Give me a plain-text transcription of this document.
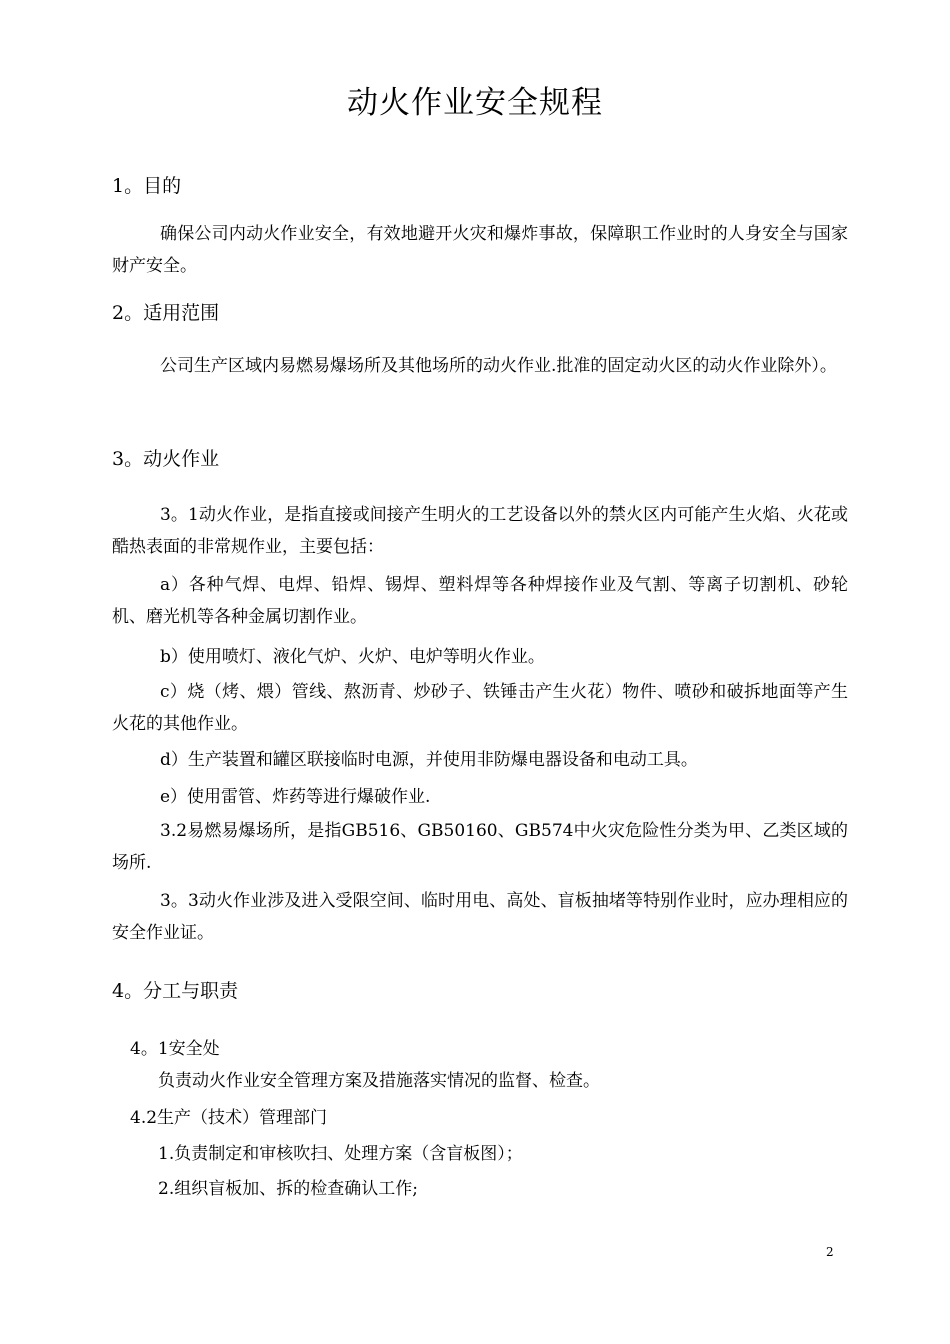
动火作业安全规程
1。目的
确保公司内动火作业安全，有效地避开火灾和爆炸事故，保障职工作业时的人身安全与国家财产安全。
2。适用范围
公司生产区域内易燃易爆场所及其他场所的动火作业.批准的固定动火区的动火作业除外）。
3。动火作业
3。1动火作业，是指直接或间接产生明火的工艺设备以外的禁火区内可能产生火焰、火花或酷热表面的非常规作业，主要包括：
a）各种气焊、电焊、铅焊、锡焊、塑料焊等各种焊接作业及气割、等离子切割机、砂轮机、磨光机等各种金属切割作业。
b）使用喷灯、液化气炉、火炉、电炉等明火作业。
c）烧（烤、煨）管线、熬沥青、炒砂子、铁锤击产生火花）物件、喷砂和破拆地面等产生火花的其他作业。
d）生产装置和罐区联接临时电源，并使用非防爆电器设备和电动工具。
e）使用雷管、炸药等进行爆破作业.
3.2易燃易爆场所，是指GB516、GB50160、GB574中火灾危险性分类为甲、乙类区域的场所.
3。3动火作业涉及进入受限空间、临时用电、高处、盲板抽堵等特别作业时，应办理相应的安全作业证。
4。分工与职责
4。1安全处
负责动火作业安全管理方案及措施落实情况的监督、检查。
4.2生产（技术）管理部门
1.负责制定和审核吹扫、处理方案（含盲板图）；
2.组织盲板加、拆的检查确认工作;
2
